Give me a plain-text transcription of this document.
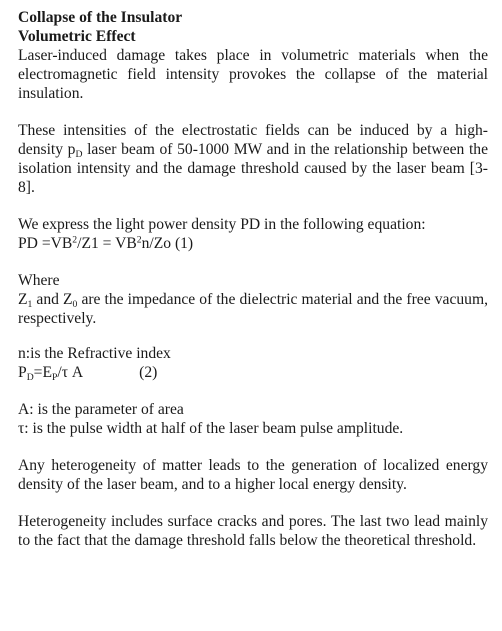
Collapse of the Insulator

Volumetric Effect

Laser-induced damage takes place in volumetric materials when the electromagnetic field intensity provokes the collapse of the material insulation.

These intensities of the electrostatic fields can be induced by a high-density $p_D$ laser beam of 50-1000 MW and in the relationship between the isolation intensity and the damage threshold caused by the laser beam [3-8].

We express the light power density PD in the following equation:

PD $=VB^2/Z1 = VB^2n/Zo$ (1)

Where

$Z_1$ and $Z_0$ are the impedance of the dielectric material and the free vacuum, respectively.

n:is the Refractive index

$P_D=E_P/\tau$ A	(2)

A: is the parameter of area

τ: is the pulse width at half of the laser beam pulse amplitude.

Any heterogeneity of matter leads to the generation of localized energy density of the laser beam, and to a higher local energy density.

Heterogeneity includes surface cracks and pores. The last two lead mainly to the fact that the damage threshold falls below the theoretical threshold.
